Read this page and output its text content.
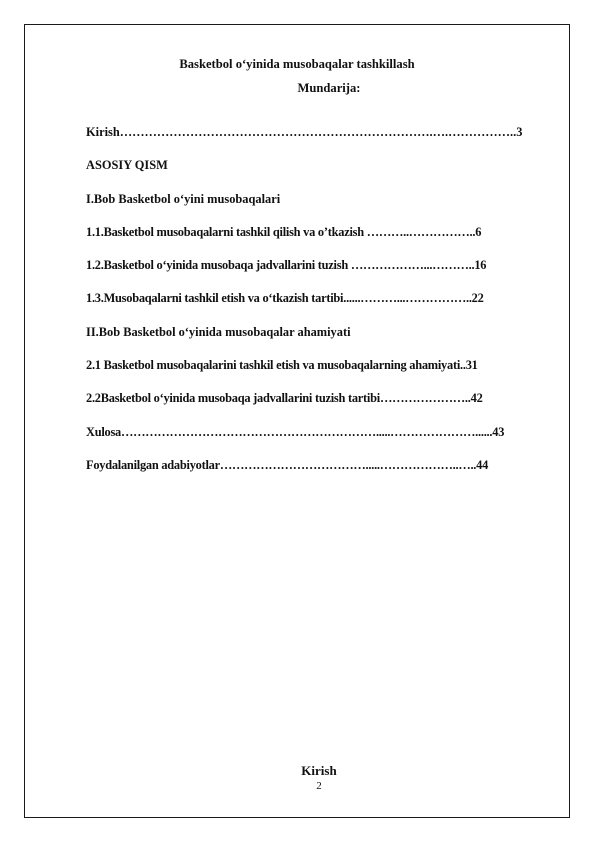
Basketbol o‘yinida musobaqalar tashkillash
Mundarija:
Kirish………………………………………………………………….….……………..3
ASOSIY QISM
I.Bob Basketbol o‘yini musobaqalari
1.1.Basketbol musobaqalarni tashkil qilish va o’tkazish ………..……………..6
1.2.Basketbol o‘yinida musobaqa jadvallarini tuzish ………………...………..16
1.3.Musobaqalarni tashkil etish va o‘tkazish tartibi......………...……………..22
II.Bob Basketbol o‘yinida musobaqalar ahamiyati
2.1 Basketbol musobaqalarini tashkil etish va musobaqalarning ahamiyati..31
2.2Basketbol o‘yinida musobaqa jadvallarini tuzish tartibi…………………..42
Xulosa……………………………………………………….....…………………......43
Foydalanilgan adabiyotlar……………………………….....………………..…..44
Kirish
2
